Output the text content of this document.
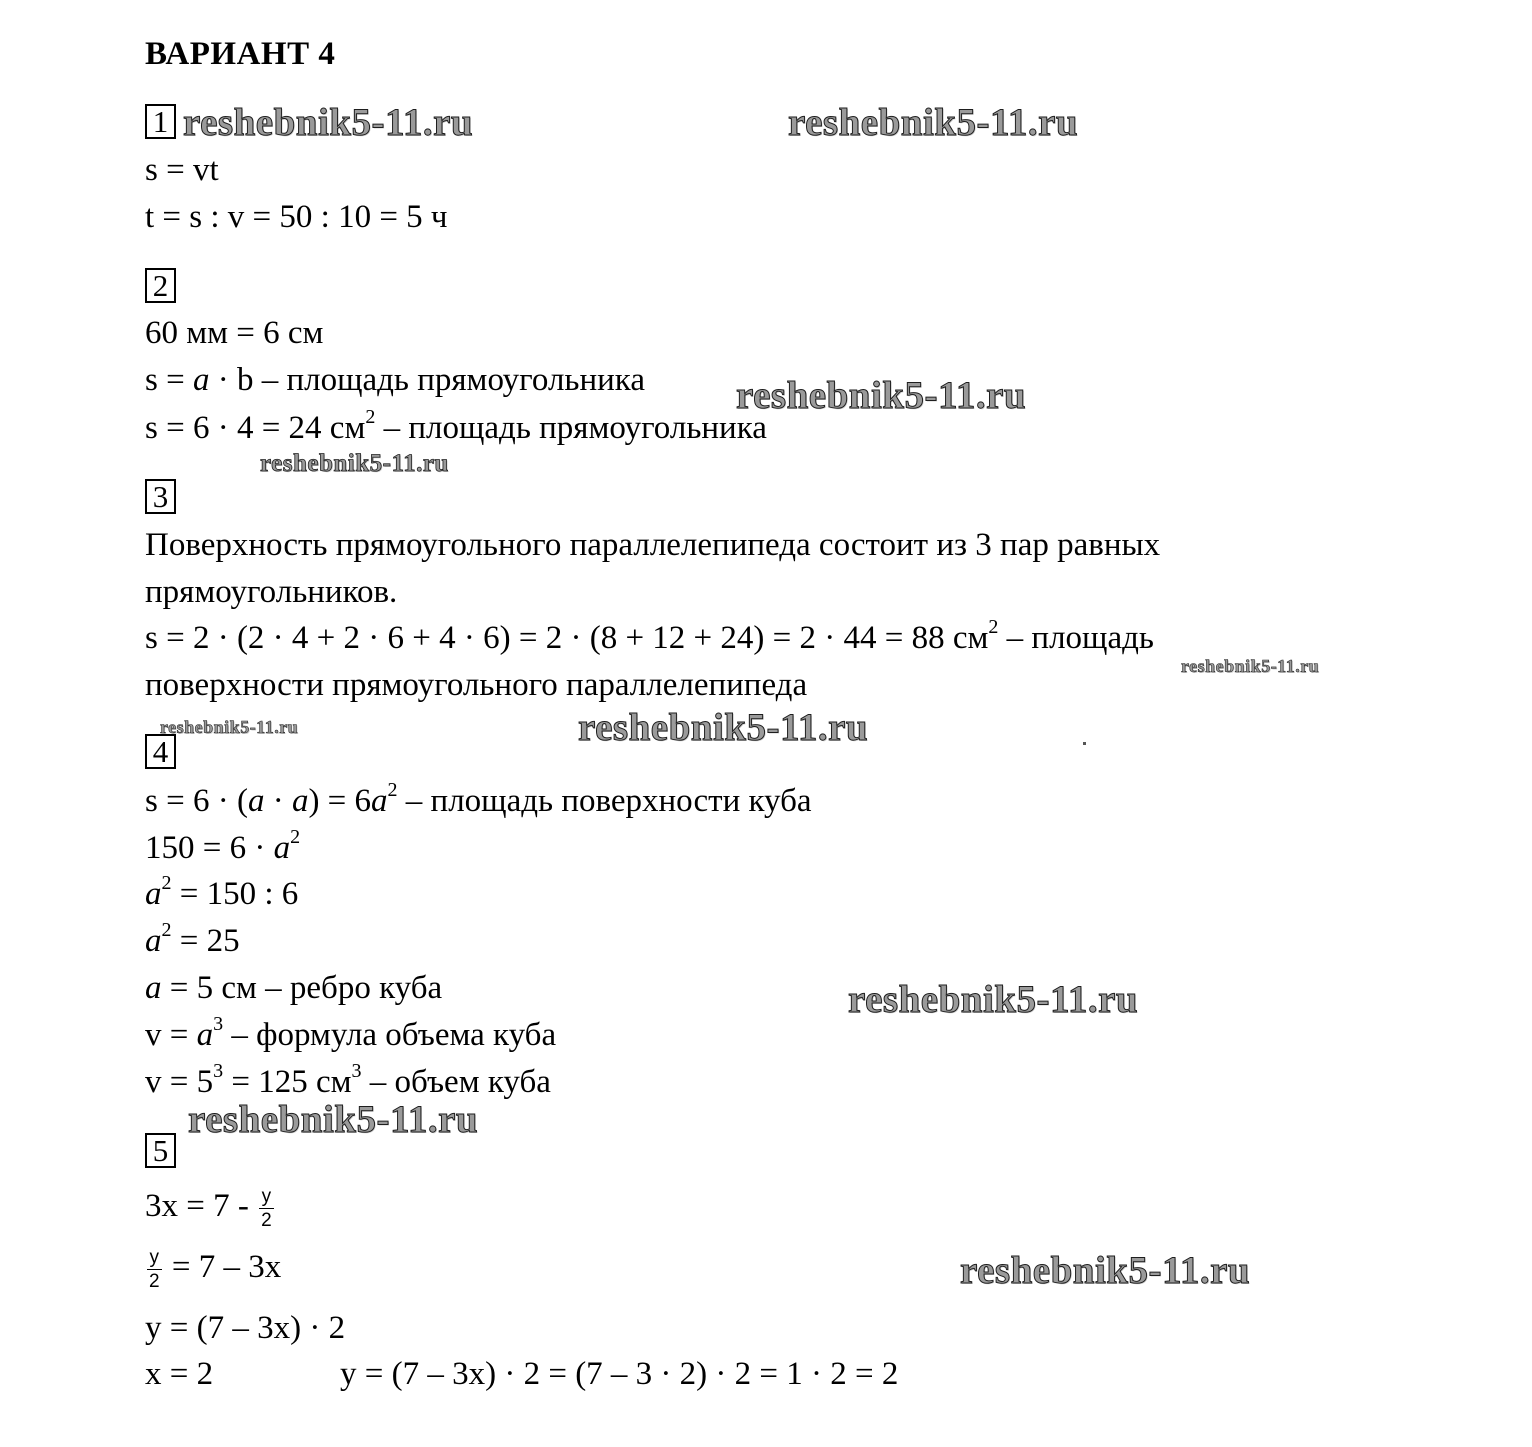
ВАРИАНТ 4
1
s = vt
t = s : v = 50 : 10 = 5 ч
2
60 мм = 6 см
s = a · b – площадь прямоугольника
s = 6 · 4 = 24 $см^2$ – площадь прямоугольника
3
Поверхность прямоугольного параллелепипеда состоит из 3 пар равных
прямоугольников.
s = 2 · (2 · 4 + 2 · 6 + 4 · 6) = 2 · (8 + 12 + 24) = 2 · 44 = 88 $см^2$ – площадь
поверхности прямоугольного параллелепипеда
4
$s = 6 \cdot (a \cdot a) = 6a^2$ – площадь поверхности куба
$150 = 6 \cdot a^2$
$a^2 = 150$ : 6
$a^2 = 25$
a = 5 см – ребро куба
$v = a^3$ – формула объема куба
$v = 5^3 = 125$ $см^3$ – объем куба
5
$3x = 7 - \frac{y}{2}$
$\frac{y}{2} = 7 - 3x$
y = (7 – 3x) · 2
x = 2	y = (7 – 3x) · 2 = (7 – 3 · 2) · 2 = 1 · 2 = 2
reshebnik5-11.ru	reshebnik5-11.ru
reshebnik5-11.ru
reshebnik5-11.ru
reshebnik5-11.ru
reshebnik5-11.ru	reshebnik5-11.ru
reshebnik5-11.ru
reshebnik5-11.ru
reshebnik5-11.ru
